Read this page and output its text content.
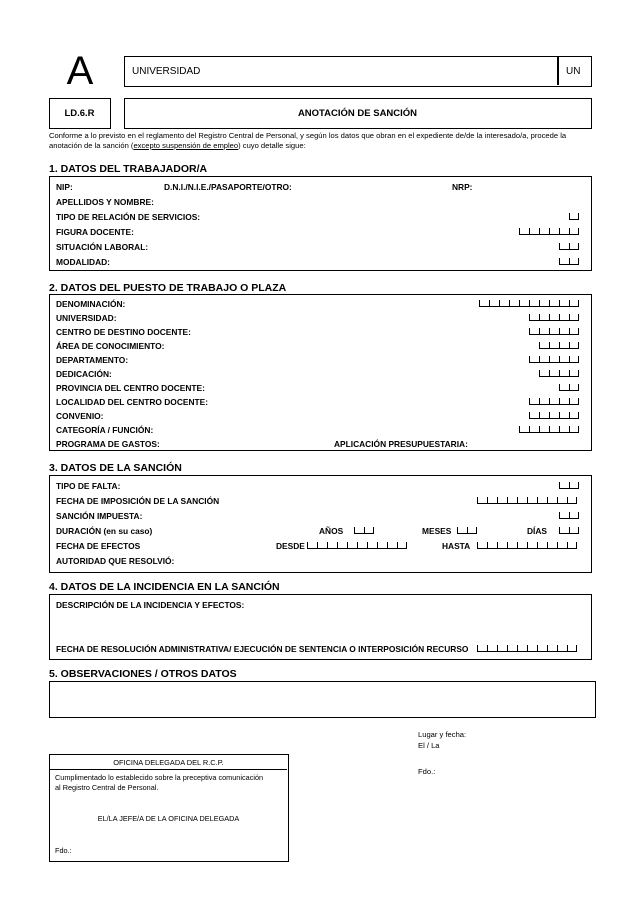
A	UNIVERSIDAD	UN
LD.6.R	ANOTACIÓN DE SANCIÓN
Conforme a lo previsto en el reglamento del Registro Central de Personal, y según los datos que obran en el expediente de/de la interesado/a, procede la
anotación de la sanción (excepto suspensión de empleo) cuyo detalle sigue:
1. DATOS DEL TRABAJADOR/A
NIP:	D.N.I./N.I.E./PASAPORTE/OTRO:	NRP:
APELLIDOS Y NOMBRE:
TIPO DE RELACIÓN DE SERVICIOS:
FIGURA DOCENTE:
SITUACIÓN LABORAL:
MODALIDAD:
2. DATOS DEL PUESTO DE TRABAJO O PLAZA
DENOMINACIÓN:
UNIVERSIDAD:
CENTRO DE DESTINO DOCENTE:
ÁREA DE CONOCIMIENTO:
DEPARTAMENTO:
DEDICACIÓN:
PROVINCIA DEL CENTRO DOCENTE:
LOCALIDAD DEL CENTRO DOCENTE:
CONVENIO:
CATEGORÍA / FUNCIÓN:
PROGRAMA DE GASTOS:	APLICACIÓN PRESUPUESTARIA:
3. DATOS DE LA SANCIÓN
TIPO DE FALTA:
FECHA DE IMPOSICIÓN DE LA SANCIÓN
SANCIÓN IMPUESTA:
DURACIÓN (en su caso)	AÑOS	MESES	DÍAS
FECHA DE EFECTOS	DESDE	HASTA
AUTORIDAD QUE RESOLVIÓ:
4. DATOS DE LA INCIDENCIA EN LA SANCIÓN
DESCRIPCIÓN DE LA INCIDENCIA Y EFECTOS:
FECHA DE RESOLUCIÓN ADMINISTRATIVA/ EJECUCIÓN DE SENTENCIA O INTERPOSICIÓN RECURSO
5. OBSERVACIONES / OTROS DATOS
Lugar y fecha:
El / La
Fdo.:
OFICINA DELEGADA DEL R.C.P.
Cumplimentado lo establecido sobre la preceptiva comunicación
al Registro Central de Personal.
EL/LA JEFE/A DE LA OFICINA DELEGADA
Fdo.:
